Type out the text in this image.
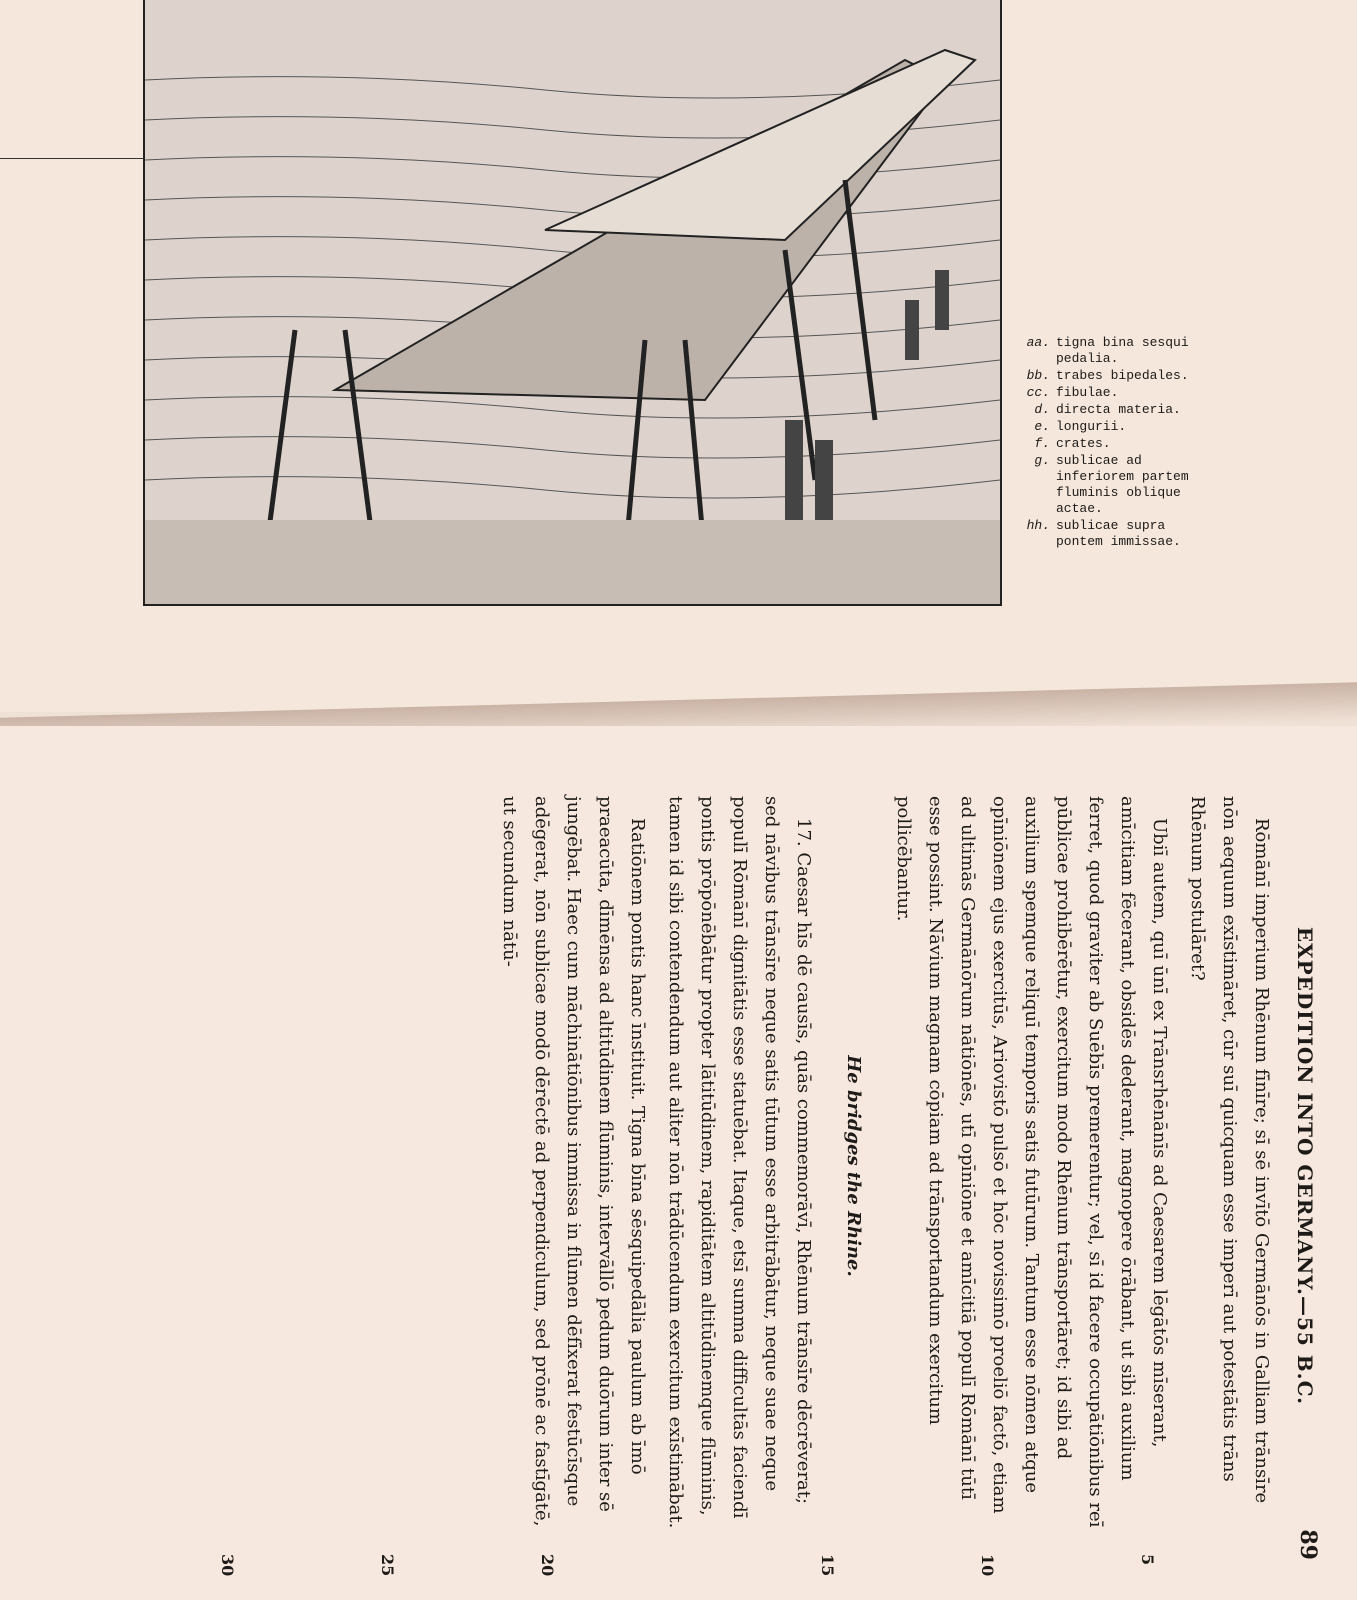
aa. tigna bina sesqui pedalia.
bb. trabes bipedales.
cc. fibulae.
d. directa materia.
e. longurii.
f. crates.
g. sublicae ad inferiorem partem fluminis oblique actae.
hh. sublicae supra pontem immissae.
EXPEDITION INTO GERMANY.—55 B.C.
89

Rōmānī imperium Rhēnum fīnīre; sī sē invītō Germānōs in Galliam trānsīre nōn aequum exīstimāret, cūr suī quicquam esse imperī aut potestātis trāns Rhēnum postulāret?

Ubiī autem, quī ūnī ex Trānsrhēnānīs ad Caesarem lēgātōs mīserant, amīcitiam fēcerant, obsidēs dederant, magnopere ōrābant, ut sibi auxilium ferret, quod graviter ab Suēbīs premerentur; vel, sī id facere occupātiōnibus reī pūblicae prohibērētur, exercitum modo Rhēnum trānsportāret; id sibi ad auxilium spemque reliquī temporis satis futūrum. Tantum esse nōmen atque opīniōnem ejus exercitūs, Ariovistō pulsō et hōc novissimō proeliō factō, etiam ad ultimās Germānōrum nātiōnēs, utī opīniōne et amīcitiā populī Rōmānī tūtī esse possint. Nāvium magnam cōpiam ad trānsportandum exercitum pollicēbantur.

He bridges the Rhine.

17. Caesar hīs dē causīs, quās commemorāvī, Rhēnum trānsīre dēcrēverat; sed nāvibus trānsīre neque satis tūtum esse arbitrābātur, neque suae neque populī Rōmānī dignitātis esse statuēbat. Itaque, etsī summa difficultās faciendī pontis prōpōnēbātur propter lātitūdinem, rapiditātem altitūdinemque flūminis, tamen id sibi contendendum aut aliter nōn trādūcendum exercitum exīstimābat.

Ratiōnem pontis hanc īnstituit. Tigna bīna sēsquipedālia paulum ab īmō praeacūta, dīmēnsa ad altitūdinem flūminis, intervāllō pedum duōrum inter sē jungēbat. Haec cum māchinātiōnibus immissa in flūmen dēfīxerat festūcīsque adēgerat, nōn sublicae modō dērēctē ad perpendiculum, sed prōnē ac fastīgātē, ut secundum nātū-

5
10
15
20
25
30
